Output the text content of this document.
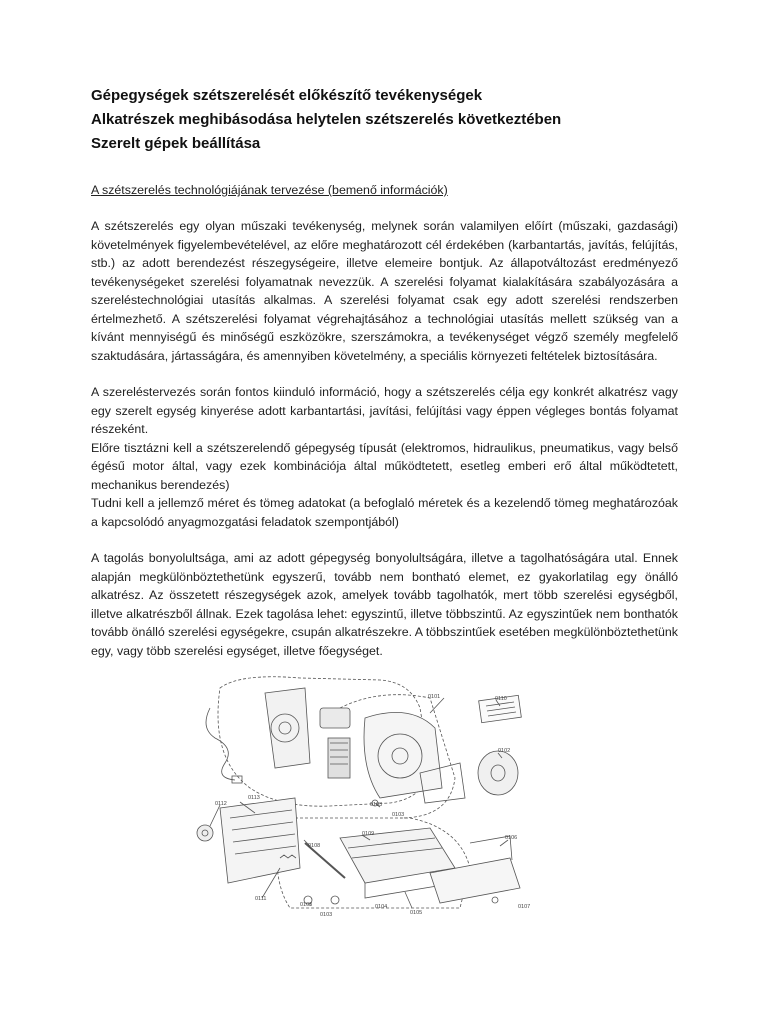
Gépegységek szétszerelését előkészítő tevékenységek
Alkatrészek meghibásodása helytelen szétszerelés következtében
Szerelt gépek beállítása
A szétszerelés technológiájának tervezése (bemenő információk)

A szétszerelés egy olyan műszaki tevékenység, melynek során valamilyen előírt (műszaki, gazdasági) követelmények figyelembevételével, az előre meghatározott cél érdekében (karbantartás, javítás, felújítás, stb.) az adott berendezést részegységeire, illetve elemeire bontjuk. Az állapotváltozást eredményező tevékenységeket szerelési folyamatnak nevezzük. A szerelési folyamat kialakítására szabályozására a szereléstechnológiai utasítás alkalmas. A szerelési folyamat csak egy adott szerelési rendszerben értelmezhető. A szétszerelési folyamat végrehajtásához a technológiai utasítás mellett szükség van a kívánt mennyiségű és minőségű eszközökre, szerszámokra, a tevékenységet végző személy megfelelő szaktudására, jártasságára, és amennyiben követelmény, a speciális környezeti feltételek biztosítására.

A szereléstervezés során fontos kiinduló információ, hogy a szétszerelés célja egy konkrét alkatrész vagy egy szerelt egység kinyerése adott karbantartási, javítási, felújítási vagy éppen végleges bontás folyamat részeként.

Előre tisztázni kell a szétszerelendő gépegység típusát (elektromos, hidraulikus, pneumatikus, vagy belső égésű motor által, vagy ezek kombinációja által működtetett, esetleg emberi erő által működtetett, mechanikus berendezés)

Tudni kell a jellemző méret és tömeg adatokat (a befoglaló méretek és a kezelendő tömeg meghatározóak a kapcsolódó anyagmozgatási feladatok szempontjából)

A tagolás bonyolultsága, ami az adott gépegység bonyolultságára, illetve a tagolhatóságára utal. Ennek alapján megkülönböztethetünk egyszerű, tovább nem bontható elemet, ez gyakorlatilag egy önálló alkatrész. Az összetett részegységek azok, amelyek tovább tagolhatók, mert több szerelési egységből, illetve alkatrészből állnak. Ezek tagolása lehet: egyszintű, illetve többszintű. Az egyszintűek nem bonthatók tovább önálló szerelési egységekre, csupán alkatrészekre. A többszintűek esetében megkülönböztethetünk egy, vagy több szerelési egységet, illetve főegységet.

0101	0110
0102
0103
0103
0112
0113
0108
0109
0106
0111
0103	0104
0103	0105
0107
